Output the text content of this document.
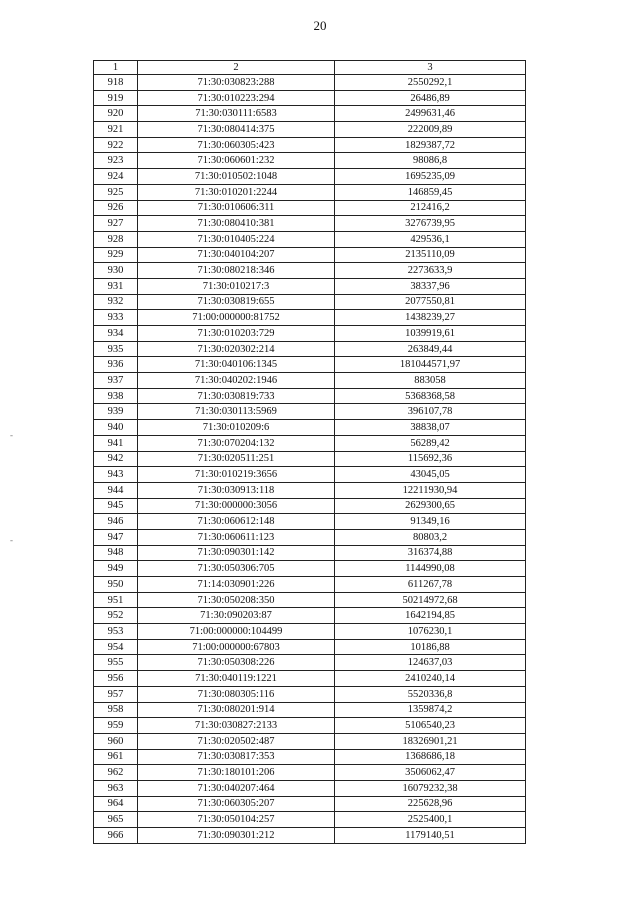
20
-
-
1	2	3
918	71:30:030823:288	2550292,1
919	71:30:010223:294	26486,89
920	71:30:030111:6583	2499631,46
921	71:30:080414:375	222009,89
922	71:30:060305:423	1829387,72
923	71:30:060601:232	98086,8
924	71:30:010502:1048	1695235,09
925	71:30:010201:2244	146859,45
926	71:30:010606:311	212416,2
927	71:30:080410:381	3276739,95
928	71:30:010405:224	429536,1
929	71:30:040104:207	2135110,09
930	71:30:080218:346	2273633,9
931	71:30:010217:3	38337,96
932	71:30:030819:655	2077550,81
933	71:00:000000:81752	1438239,27
934	71:30:010203:729	1039919,61
935	71:30:020302:214	263849,44
936	71:30:040106:1345	181044571,97
937	71:30:040202:1946	883058
938	71:30:030819:733	5368368,58
939	71:30:030113:5969	396107,78
940	71:30:010209:6	38838,07
941	71:30:070204:132	56289,42
942	71:30:020511:251	115692,36
943	71:30:010219:3656	43045,05
944	71:30:030913:118	12211930,94
945	71:30:000000:3056	2629300,65
946	71:30:060612:148	91349,16
947	71:30:060611:123	80803,2
948	71:30:090301:142	316374,88
949	71:30:050306:705	1144990,08
950	71:14:030901:226	611267,78
951	71:30:050208:350	50214972,68
952	71:30:090203:87	1642194,85
953	71:00:000000:104499	1076230,1
954	71:00:000000:67803	10186,88
955	71:30:050308:226	124637,03
956	71:30:040119:1221	2410240,14
957	71:30:080305:116	5520336,8
958	71:30:080201:914	1359874,2
959	71:30:030827:2133	5106540,23
960	71:30:020502:487	18326901,21
961	71:30:030817:353	1368686,18
962	71:30:180101:206	3506062,47
963	71:30:040207:464	16079232,38
964	71:30:060305:207	225628,96
965	71:30:050104:257	2525400,1
966	71:30:090301:212	1179140,51
